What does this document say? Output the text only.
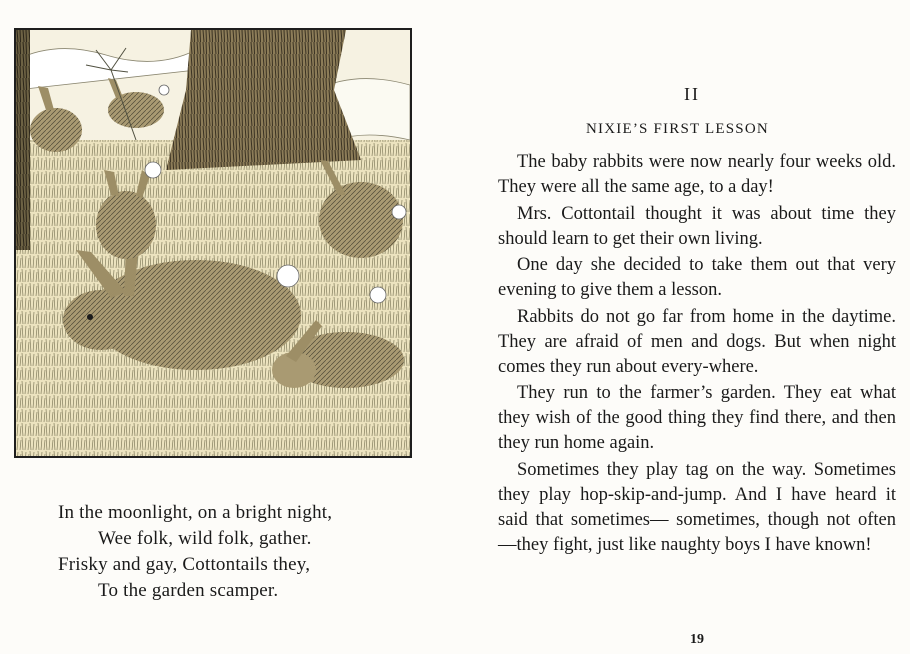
In the moonlight, on a bright night,
Wee folk, wild folk, gather.
Frisky and gay, Cottontails they,
To the garden scamper.
II
NIXIE’S FIRST LESSON

The baby rabbits were now nearly four weeks old. They were all the same age, to a day!

Mrs. Cottontail thought it was about time they should learn to get their own living.

One day she decided to take them out that very evening to give them a lesson.

Rabbits do not go far from home in the daytime. They are afraid of men and dogs. But when night comes they run about every-where.

They run to the farmer’s garden. They eat what they wish of the good thing they find there, and then they run home again.

Sometimes they play tag on the way. Sometimes they play hop-skip-and-jump. And I have heard it said that sometimes— sometimes, though not often—they fight, just like naughty boys I have known!

19
